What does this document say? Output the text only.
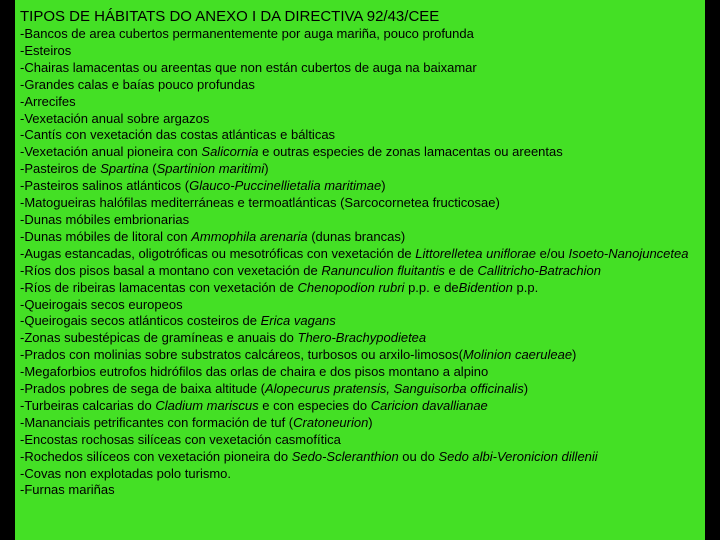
TIPOS DE HÁBITATS DO ANEXO I DA DIRECTIVA 92/43/CEE
-Bancos de area cubertos permanentemente por auga mariña, pouco profunda
-Esteiros
-Chairas lamacentas ou areentas que non están cubertos de auga na baixamar
-Grandes calas e baías pouco profundas
-Arrecifes
-Vexetación anual sobre argazos
-Cantís con vexetación das costas atlánticas e bálticas
-Vexetación anual pioneira con Salicornia e outras especies de zonas lamacentas ou areentas
-Pasteiros de Spartina (Spartinion maritimi)
-Pasteiros salinos atlánticos (Glauco-Puccinellietalia maritimae)
-Matogueiras halófilas mediterráneas e termoatlánticas (Sarcocornetea fructicosae)
-Dunas móbiles embrionarias
-Dunas móbiles de litoral con Ammophila arenaria (dunas brancas)
-Augas estancadas, oligotróficas ou mesotróficas con vexetación de Littorelletea uniflorae e/ou Isoeto-Nanojuncetea
-Ríos dos pisos basal a montano con vexetación de Ranunculion fluitantis e de Callitricho-Batrachion
-Ríos de ribeiras lamacentas con vexetación de Chenopodion rubri p.p. e deBidention p.p.
-Queirogais secos europeos
-Queirogais secos atlánticos costeiros de Erica vagans
-Zonas subestépicas de gramíneas e anuais do Thero-Brachypodietea
-Prados con molinias sobre substratos calcáreos, turbosos ou arxilo-limosos(Molinion caeruleae)
-Megaforbios eutrofos hidrófilos das orlas de chaira e dos pisos montano a alpino
-Prados pobres de sega de baixa altitude (Alopecurus pratensis, Sanguisorba officinalis)
-Turbeiras calcarias do Cladium mariscus e con especies do Caricion davallianae
-Mananciais petrificantes con formación de tuf (Cratoneurion)
-Encostas rochosas silíceas con vexetación casmofítica
-Rochedos silíceos con vexetación pioneira do Sedo-Scleranthion ou do Sedo albi-Veronicion dillenii
-Covas non explotadas polo turismo.
-Furnas mariñas
